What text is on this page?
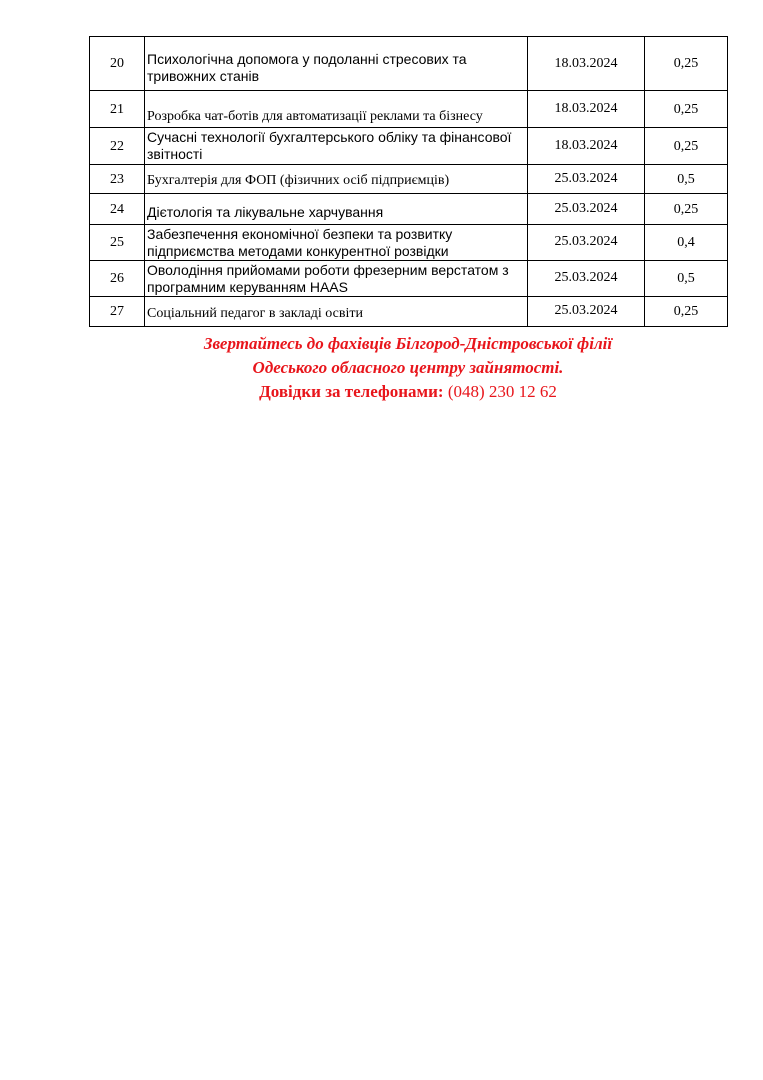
20	Психологічна допомога у подоланні стресових та тривожних станів	18.03.2024	0,25
21	Розробка чат-ботів для автоматизації реклами та бізнесу	18.03.2024	0,25
22	Сучасні технології бухгалтерського обліку та фінансової звітності	18.03.2024	0,25
23	Бухгалтерія для ФОП (фізичних осіб підприємців)	25.03.2024	0,5
24	Дієтологія та лікувальне харчування	25.03.2024	0,25
25	Забезпечення економічної безпеки та розвитку підприємства методами конкурентної розвідки	25.03.2024	0,4
26	Оволодіння прийомами роботи фрезерним верстатом з програмним керуванням HAAS	25.03.2024	0,5
27	Соціальний педагог в закладі освіти	25.03.2024	0,25
Звертайтесь до фахівців Білгород-Дністровської філії
Одеського обласного центру зайнятості.
Довідки за телефонами: (048) 230 12 62
